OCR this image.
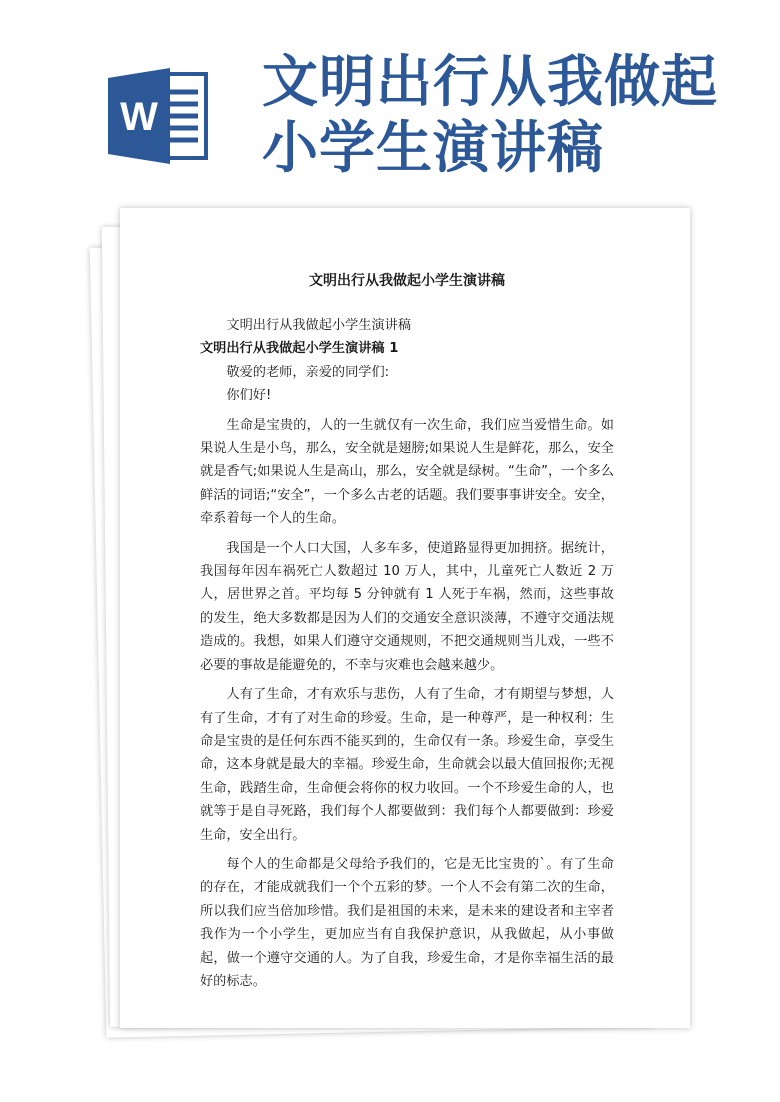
W
文明出行从我做起
小学生演讲稿
文明出行从我做起小学生演讲稿

文明出行从我做起小学生演讲稿

文明出行从我做起小学生演讲稿 1

敬爱的老师，亲爱的同学们:

你们好!

生命是宝贵的，人的一生就仅有一次生命，我们应当爱惜生命。如果说人生是小鸟，那么，安全就是翅膀;如果说人生是鲜花，那么，安全就是香气;如果说人生是高山，那么，安全就是绿树。“生命”，一个多么鲜活的词语;“安全”，一个多么古老的话题。我们要事事讲安全。安全，牵系着每一个人的生命。

我国是一个人口大国，人多车多，使道路显得更加拥挤。据统计，我国每年因车祸死亡人数超过 10 万人，其中，儿童死亡人数近 2 万人，居世界之首。平均每 5 分钟就有 1 人死于车祸，然而，这些事故的发生，绝大多数都是因为人们的交通安全意识淡薄，不遵守交通法规造成的。我想，如果人们遵守交通规则，不把交通规则当儿戏，一些不必要的事故是能避免的，不幸与灾难也会越来越少。

人有了生命，才有欢乐与悲伤，人有了生命，才有期望与梦想，人有了生命，才有了对生命的珍爱。生命，是一种尊严，是一种权利：生命是宝贵的是任何东西不能买到的，生命仅有一条。珍爱生命，享受生命，这本身就是最大的幸福。珍爱生命，生命就会以最大值回报你;无视生命，践踏生命，生命便会将你的权力收回。一个不珍爱生命的人，也就等于是自寻死路，我们每个人都要做到：我们每个人都要做到：珍爱生命，安全出行。

每个人的生命都是父母给予我们的，它是无比宝贵的`。有了生命的存在，才能成就我们一个个五彩的梦。一个人不会有第二次的生命，所以我们应当倍加珍惜。我们是祖国的未来，是未来的建设者和主宰者我作为一个小学生，更加应当有自我保护意识，从我做起，从小事做起，做一个遵守交通的人。为了自我，珍爱生命，才是你幸福生活的最好的标志。
